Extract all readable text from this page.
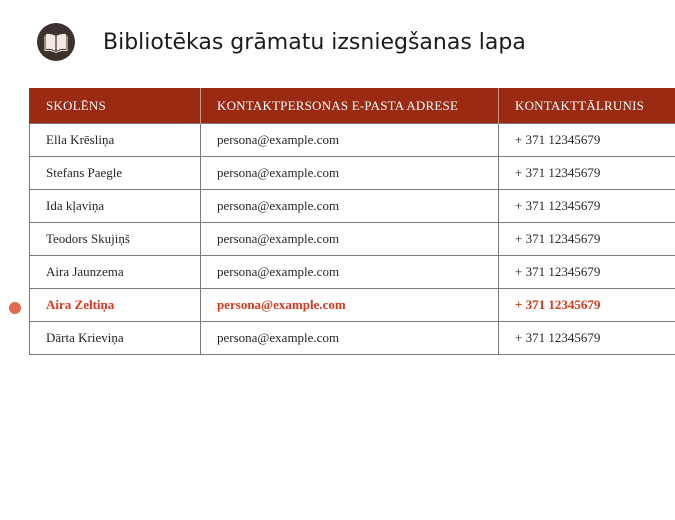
Bibliotēkas grāmatu izsniegšanas lapa
SKOLĒNS	KONTAKTPERSONAS E-PASTA ADRESE	KONTAKTTĀLRUNIS
Ella Krēsliņa	persona@example.com	+ 371 12345679
Stefans Paegle	persona@example.com	+ 371 12345679
Ida kļaviņa	persona@example.com	+ 371 12345679
Teodors Skujiņš	persona@example.com	+ 371 12345679
Aira Jaunzema	persona@example.com	+ 371 12345679
Aira Zeltiņa	persona@example.com	+ 371 12345679
Dārta Krieviņa	persona@example.com	+ 371 12345679
